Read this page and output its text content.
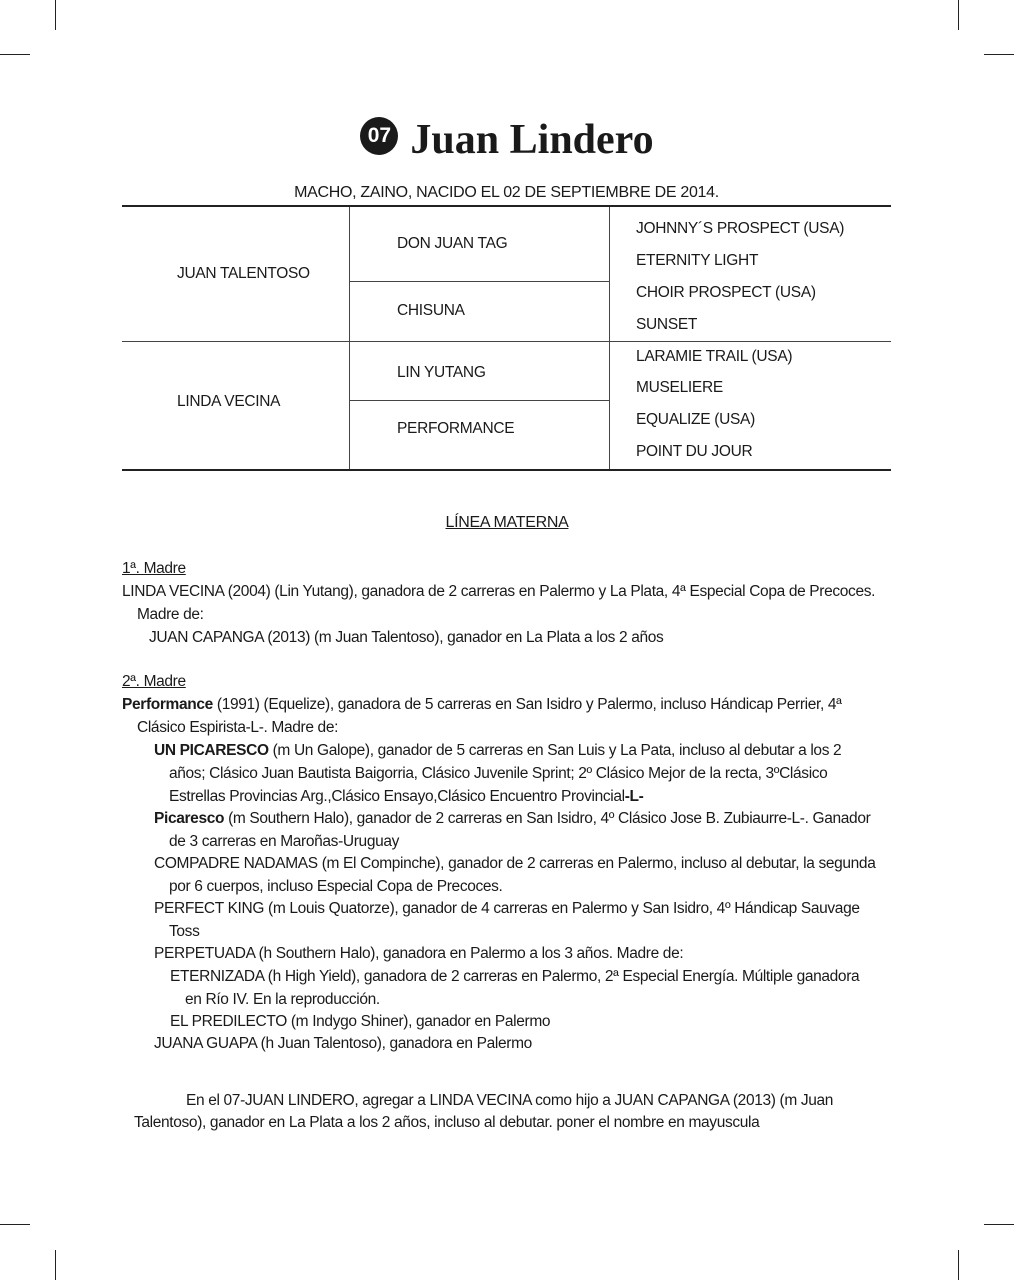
07 Juan Lindero
MACHO, ZAINO, NACIDO EL 02 DE SEPTIEMBRE DE 2014.
JUAN TALENTOSO
LINDA VECINA
DON JUAN TAG
CHISUNA
LIN YUTANG
PERFORMANCE
JOHNNY´S PROSPECT (USA)
ETERNITY LIGHT
CHOIR PROSPECT (USA)
SUNSET
LARAMIE TRAIL (USA)
MUSELIERE
EQUALIZE (USA)
POINT DU JOUR
LÍNEA MATERNA
1ª. Madre
LINDA VECINA (2004) (Lin Yutang), ganadora de 2 carreras en Palermo y La Plata, 4ª Especial Copa de Precoces.
Madre de:
JUAN CAPANGA (2013) (m Juan Talentoso), ganador en La Plata a los 2 años
2ª. Madre
Performance (1991) (Equelize), ganadora de 5 carreras en San Isidro y Palermo, incluso Hándicap Perrier, 4ª
Clásico Espirista-L-. Madre de:
UN PICARESCO (m Un Galope), ganador de 5 carreras en San Luis y La Pata, incluso al debutar a los 2
años; Clásico Juan Bautista Baigorria, Clásico Juvenile Sprint; 2º Clásico Mejor de la recta, 3ºClásico
Estrellas Provincias Arg.,Clásico Ensayo,Clásico Encuentro Provincial-L-
Picaresco (m Southern Halo), ganador de 2 carreras en San Isidro, 4º Clásico Jose B. Zubiaurre-L-. Ganador
de 3 carreras en Maroñas-Uruguay
COMPADRE NADAMAS (m El Compinche), ganador de 2 carreras en Palermo, incluso al debutar, la segunda
por 6 cuerpos, incluso Especial Copa de Precoces.
PERFECT KING (m Louis Quatorze), ganador de 4 carreras en Palermo y San Isidro, 4º Hándicap Sauvage
Toss
PERPETUADA (h Southern Halo), ganadora en Palermo a los 3 años. Madre de:
ETERNIZADA (h High Yield), ganadora de 2 carreras en Palermo, 2ª Especial Energía. Múltiple ganadora
en Río IV. En la reproducción.
EL PREDILECTO (m Indygo Shiner), ganador en Palermo
JUANA GUAPA (h Juan Talentoso), ganadora en Palermo
En el 07-JUAN LINDERO, agregar a LINDA VECINA como hijo a JUAN CAPANGA (2013) (m Juan
Talentoso), ganador en La Plata a los 2 años, incluso al debutar. poner el nombre en mayuscula
